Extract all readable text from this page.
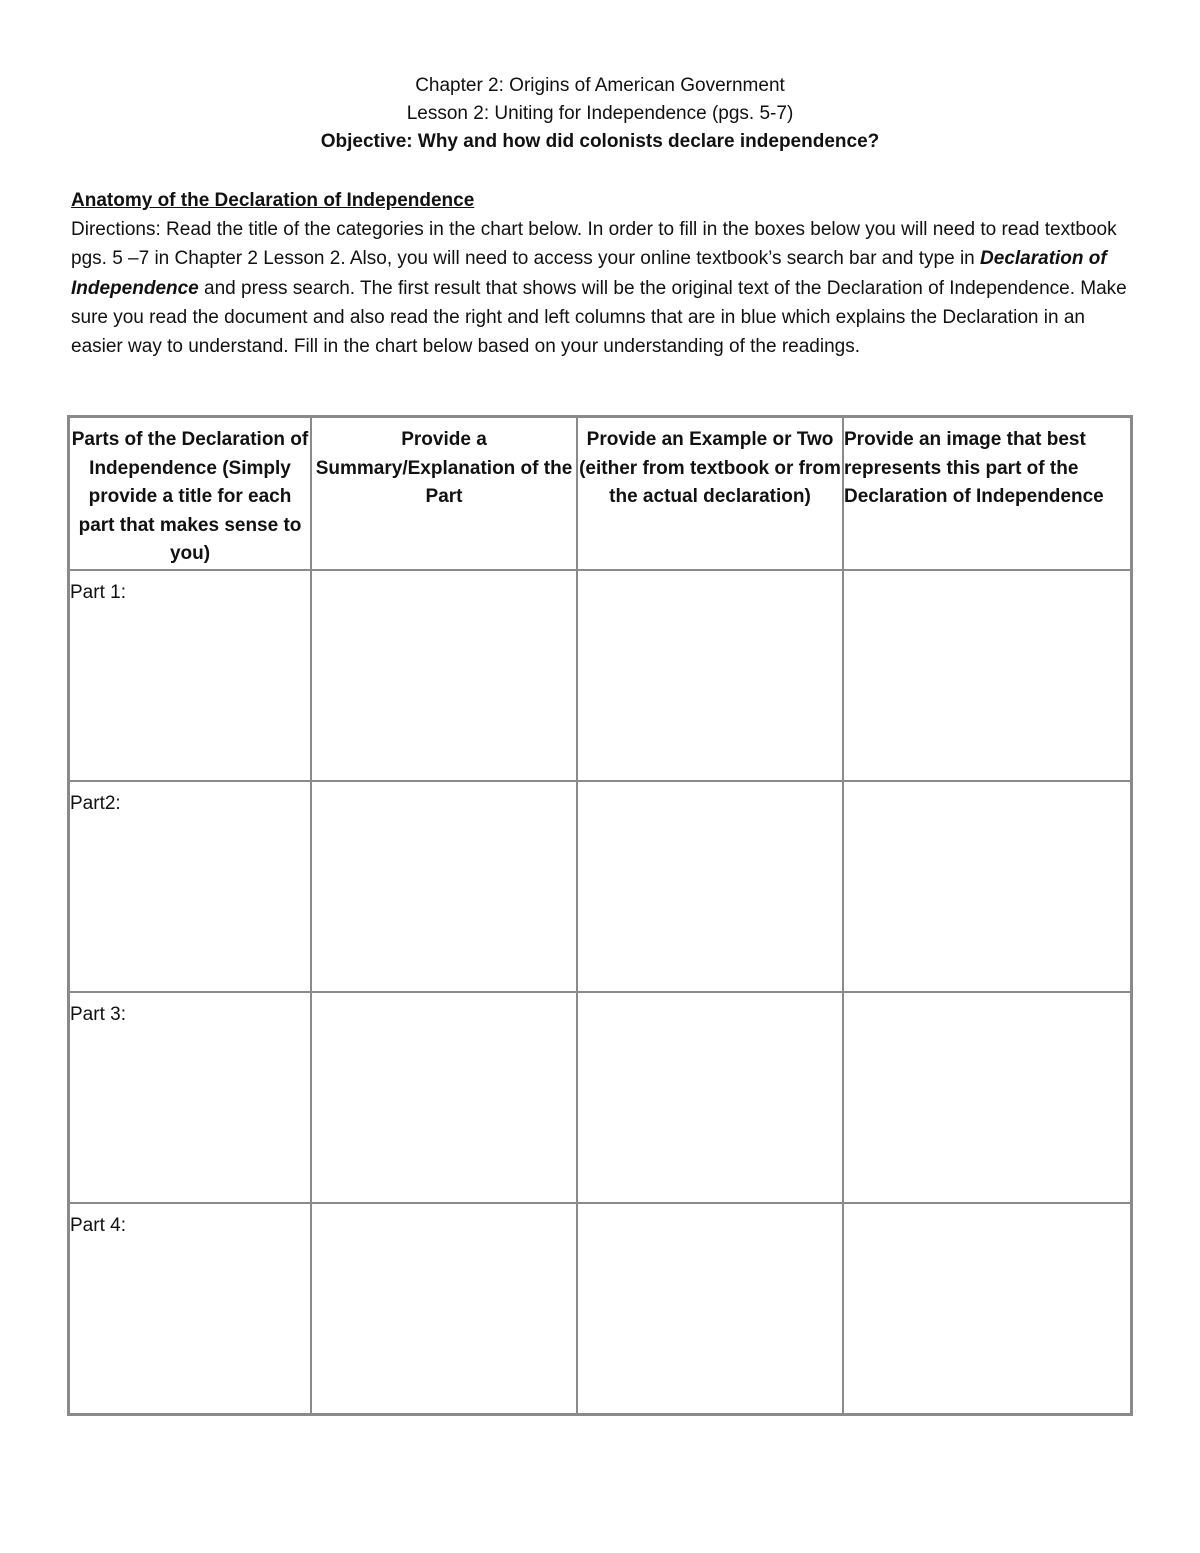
Chapter 2: Origins of American Government
Lesson 2: Uniting for Independence (pgs. 5-7)
Objective: Why and how did colonists declare independence?
Anatomy of the Declaration of Independence

Directions: Read the title of the categories in the chart below. In order to fill in the boxes below you will need to read textbook pgs. 5 –7 in Chapter 2 Lesson 2. Also, you will need to access your online textbook’s search bar and type in Declaration of Independence and press search. The first result that shows will be the original text of the Declaration of Independence. Make sure you read the document and also read the right and left columns that are in blue which explains the Declaration in an easier way to understand. Fill in the chart below based on your understanding of the readings.

Parts of the Declaration of Independence (Simply provide a title for each part that makes sense to you)	Provide a Summary/Explanation of the Part	Provide an Example or Two (either from textbook or from the actual declaration)	Provide an image that best represents this part of the Declaration of Independence
Part 1:			
Part2:			
Part 3:			
Part 4:			
